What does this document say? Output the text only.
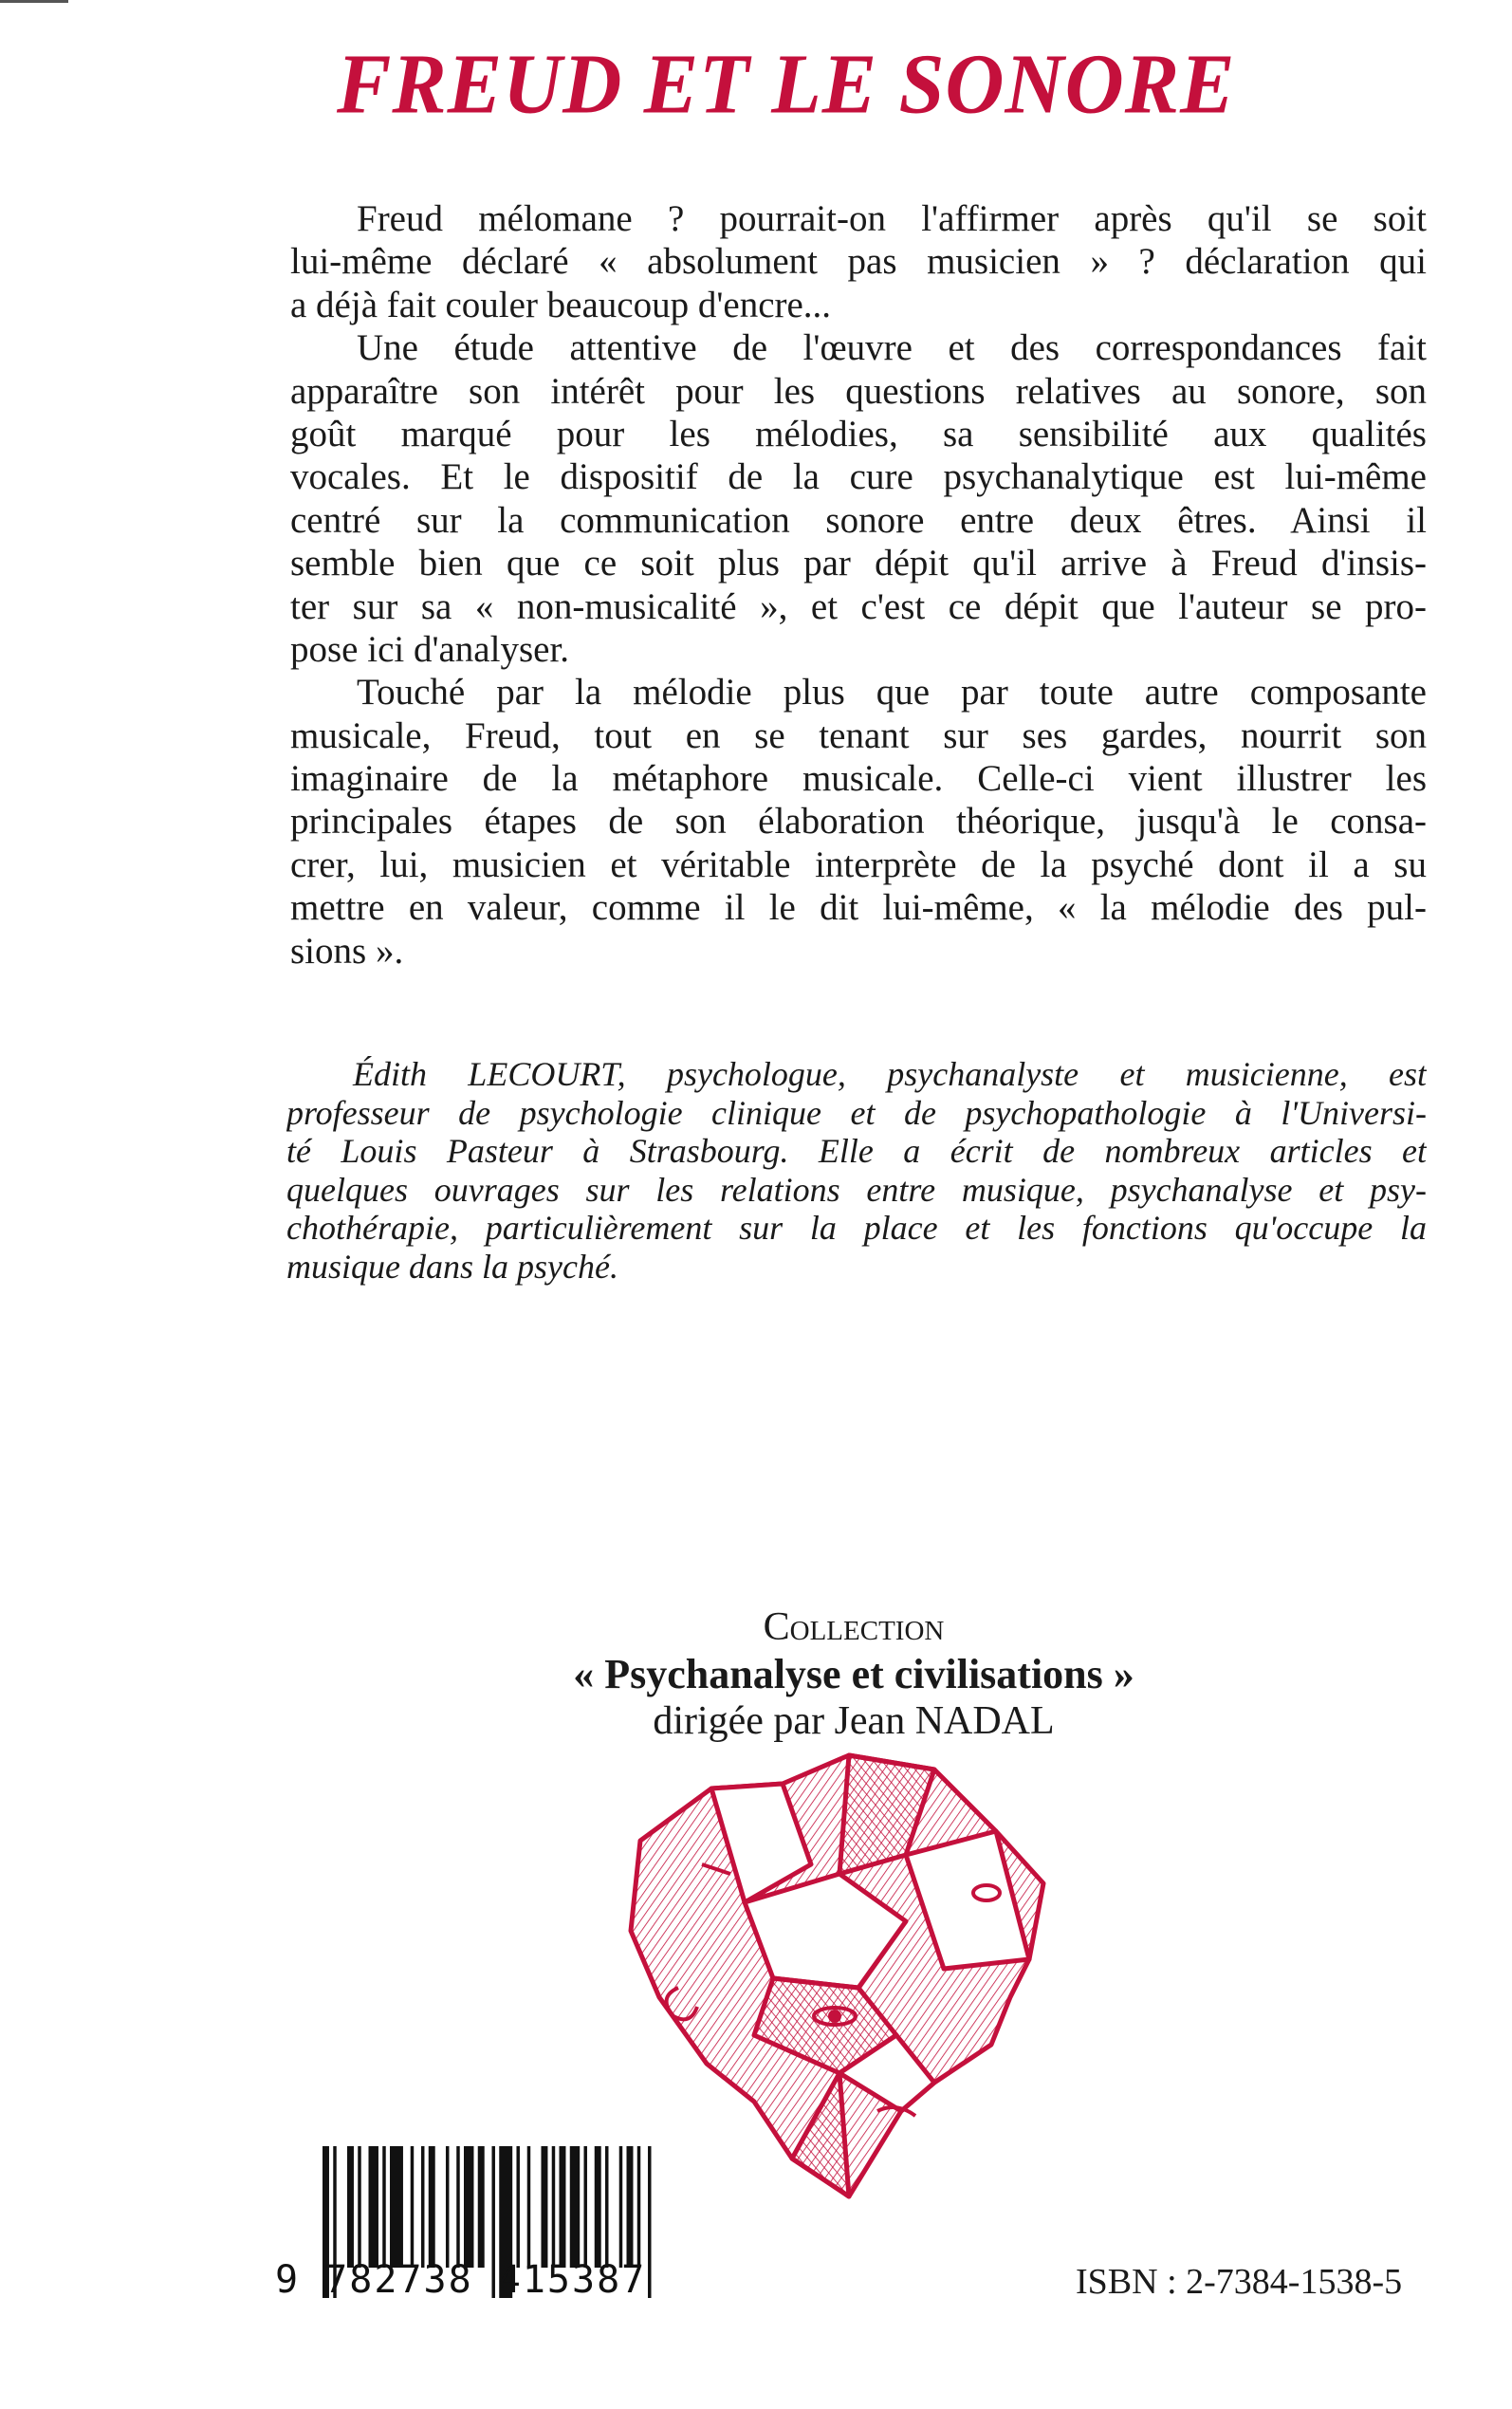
FREUD ET LE SONORE
Freud mélomane ? pourrait-on l'affirmer après qu'il se soit
lui-même déclaré « absolument pas musicien » ? déclaration qui
a déjà fait couler beaucoup d'encre...
Une étude attentive de l'œuvre et des correspondances fait
apparaître son intérêt pour les questions relatives au sonore, son
goût marqué pour les mélodies, sa sensibilité aux qualités
vocales. Et le dispositif de la cure psychanalytique est lui-même
centré sur la communication sonore entre deux êtres. Ainsi il
semble bien que ce soit plus par dépit qu'il arrive à Freud d'insis-
ter sur sa « non-musicalité », et c'est ce dépit que l'auteur se pro-
pose ici d'analyser.
Touché par la mélodie plus que par toute autre composante
musicale, Freud, tout en se tenant sur ses gardes, nourrit son
imaginaire de la métaphore musicale. Celle-ci vient illustrer les
principales étapes de son élaboration théorique, jusqu'à le consa-
crer, lui, musicien et véritable interprète de la psyché dont il a su
mettre en valeur, comme il le dit lui-même, « la mélodie des pul-
sions ».
Édith LECOURT, psychologue, psychanalyste et musicienne, est
professeur de psychologie clinique et de psychopathologie à l'Universi-
té Louis Pasteur à Strasbourg. Elle a écrit de nombreux articles et
quelques ouvrages sur les relations entre musique, psychanalyse et psy-
chothérapie, particulièrement sur la place et les fonctions qu'occupe la
musique dans la psyché.
Collection
« Psychanalyse et civilisations »
dirigée par Jean NADAL
9 782738 415387	ISBN : 2-7384-1538-5
